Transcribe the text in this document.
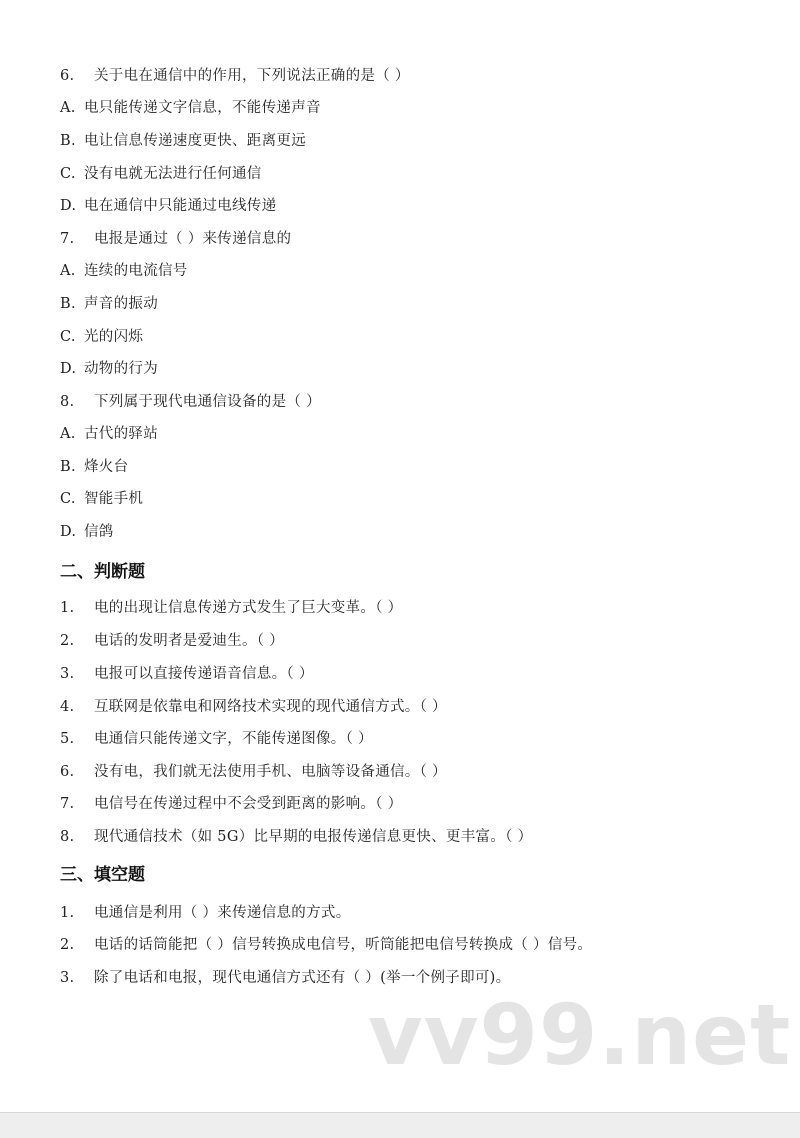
6. 关于电在通信中的作用，下列说法正确的是（ ）
A. 电只能传递文字信息，不能传递声音
B. 电让信息传递速度更快、距离更远
C. 没有电就无法进行任何通信
D. 电在通信中只能通过电线传递
7. 电报是通过（ ）来传递信息的
A. 连续的电流信号
B. 声音的振动
C. 光的闪烁
D. 动物的行为
8. 下列属于现代电通信设备的是（ ）
A. 古代的驿站
B. 烽火台
C. 智能手机
D. 信鸽
二、判断题
1. 电的出现让信息传递方式发生了巨大变革。（ ）
2. 电话的发明者是爱迪生。（ ）
3. 电报可以直接传递语音信息。（ ）
4. 互联网是依靠电和网络技术实现的现代通信方式。（ ）
5. 电通信只能传递文字，不能传递图像。（ ）
6. 没有电，我们就无法使用手机、电脑等设备通信。（ ）
7. 电信号在传递过程中不会受到距离的影响。（ ）
8. 现代通信技术（如 5G）比早期的电报传递信息更快、更丰富。（ ）
三、填空题
1. 电通信是利用（ ）来传递信息的方式。
2. 电话的话筒能把（ ）信号转换成电信号，听筒能把电信号转换成（ ）信号。
3. 除了电话和电报，现代电通信方式还有（ ）(举一个例子即可)。
vv99.net
